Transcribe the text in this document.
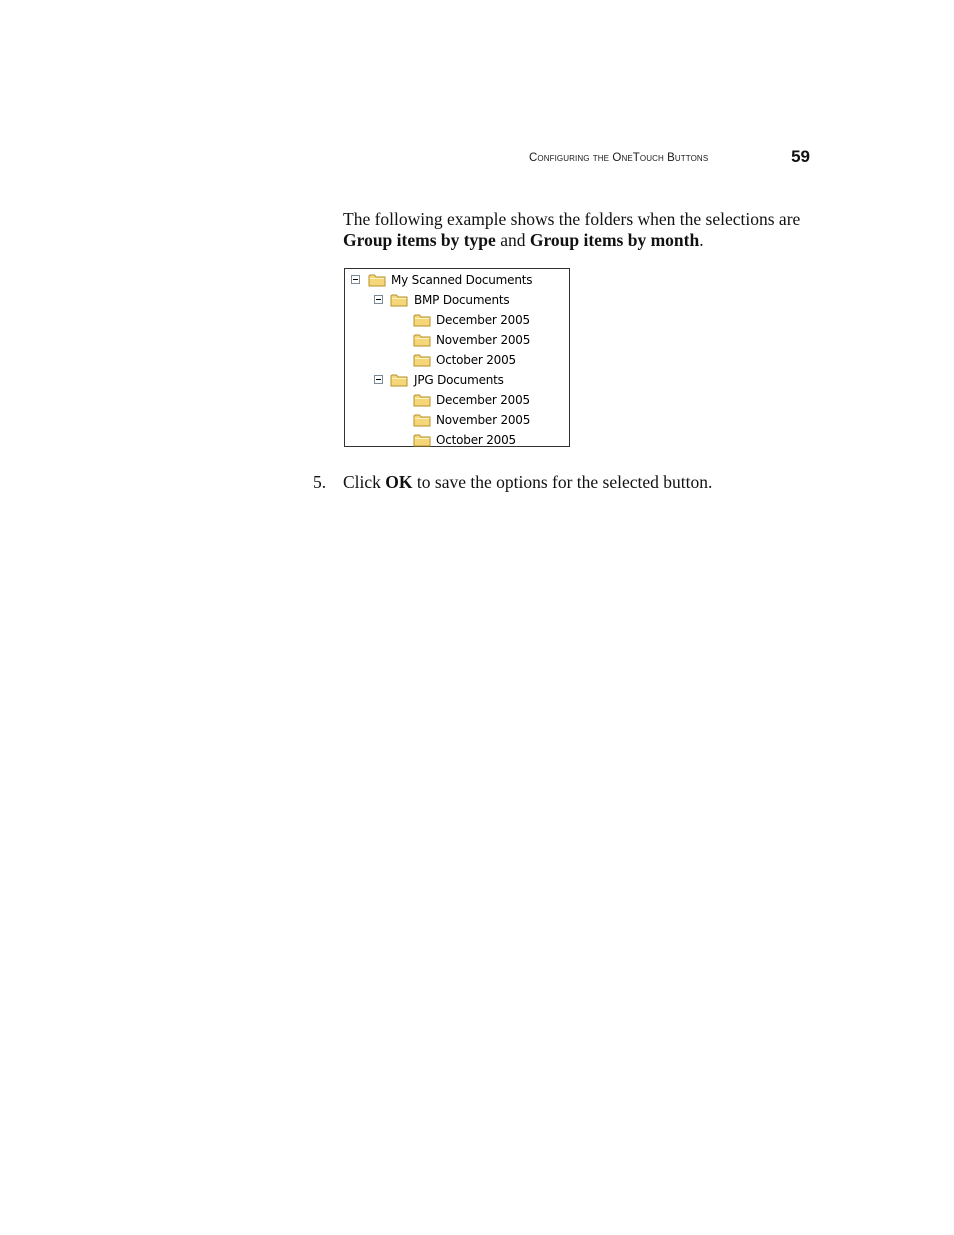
Configuring the OneTouch Buttons	59

The following example shows the folders when the selections are Group items by type and Group items by month.

My Scanned Documents
BMP Documents
December 2005
November 2005
October 2005
JPG Documents
December 2005
November 2005
October 2005
5. Click OK to save the options for the selected button.
